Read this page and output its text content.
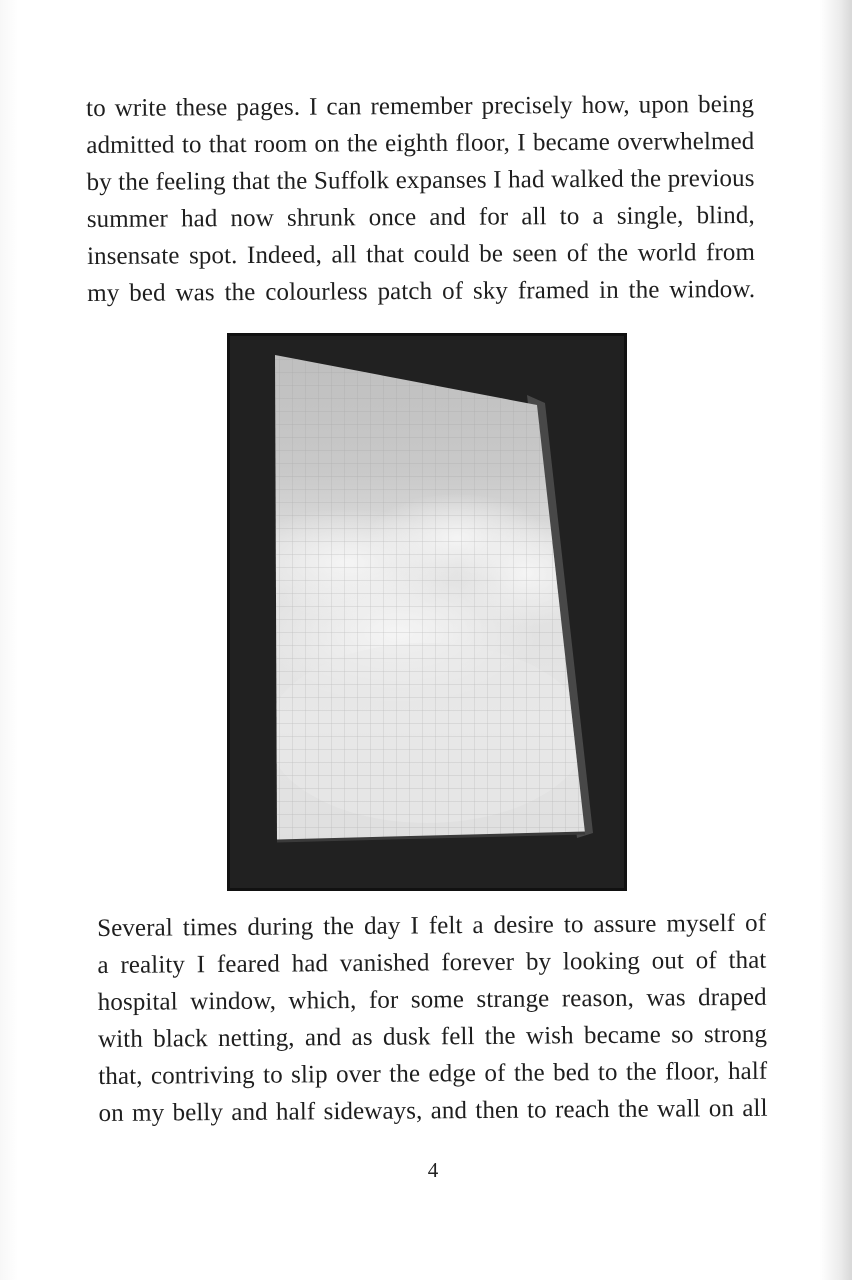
to write these pages. I can remember precisely how, upon being
admitted to that room on the eighth floor, I became overwhelmed
by the feeling that the Suffolk expanses I had walked the previous
summer had now shrunk once and for all to a single, blind,
insensate spot. Indeed, all that could be seen of the world from
my bed was the colourless patch of sky framed in the window.
Several times during the day I felt a desire to assure myself of
a reality I feared had vanished forever by looking out of that
hospital window, which, for some strange reason, was draped
with black netting, and as dusk fell the wish became so strong
that, contriving to slip over the edge of the bed to the floor, half
on my belly and half sideways, and then to reach the wall on all
4
